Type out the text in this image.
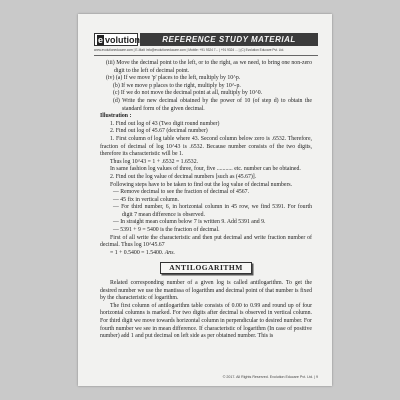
e volution	REFERENCE STUDY MATERIAL
www.evolutioneducare.com | E-Mail: info@evolutioneducare.com | Mobile: +91 9324 7... | +91 9324 ... | (C) Evolution Educare Pvt. Ltd.

(iii) Move the decimal point to the left, or to the right, as we need, to bring one non-zero digit to the left of decimal point.

(iv) (a) If we move 'p' places to the left, multiply by 10^p.

(b) If we move p places to the right, multiply by 10^-p.

(c) If we do not move the decimal point at all, multiply by 10^0.

(d) Write the new decimal obtained by the power of 10 (of step d) to obtain the standard form of the given decimal.

Illustration :

1. Find out log of 43 (Two digit round number)

2. Find out log of 45.67 (decimal number)

1. First column of log table where 43. Second column below zero is .6532. Therefore, fraction of decimal of log 10^43 is .6532. Because number consists of the two digits, therefore its characteristic will be 1.

Thus log 10^43 = 1 + .6532 = 1.6532.

In same fashion log values of three, four, five ........... etc. number can be obtained.

2. Find out the log value of decimal numbers [such as (45.67)].

Following steps have to be taken to find out the log value of decimal numbers.

— Remove decimal to see the fraction of decimal of 4567.

— 45 fix in vertical column.

— For third number, 6, in horizontal column in 45 row, we find 5391. For fourth digit 7 mean difference is observed.

— In straight mean column below 7 is written 9. Add 5391 and 9.

— 5391 + 9 = 5400 is the fraction of decimal.

First of all write the characteristic and then put decimal and write fraction number of decimal. Thus log 10^45.67

= 1 + 0.5400 = 1.5400. Ans.

ANTILOGARITHM

Related corresponding number of a given log is called antilogarithm. To get the desired number we use the mantissa of logarithm and decimal point of that number is fixed by the characteristic of logarithm.

The first column of antilogarithm table consists of 0.00 to 0.99 and round up of four horizontal columns is marked. For two digits after decimal is observed in vertical column. For third digit we move towards horizontal column in perpendicular to desired number. For fourth number we see in mean difference. If characteristic of logarithm (In case of positive number) add 1 and put decimal on left side as per obtained number. This is

© 2017. All Rights Reserved. Evolution Educare Pvt. Ltd. | 9
